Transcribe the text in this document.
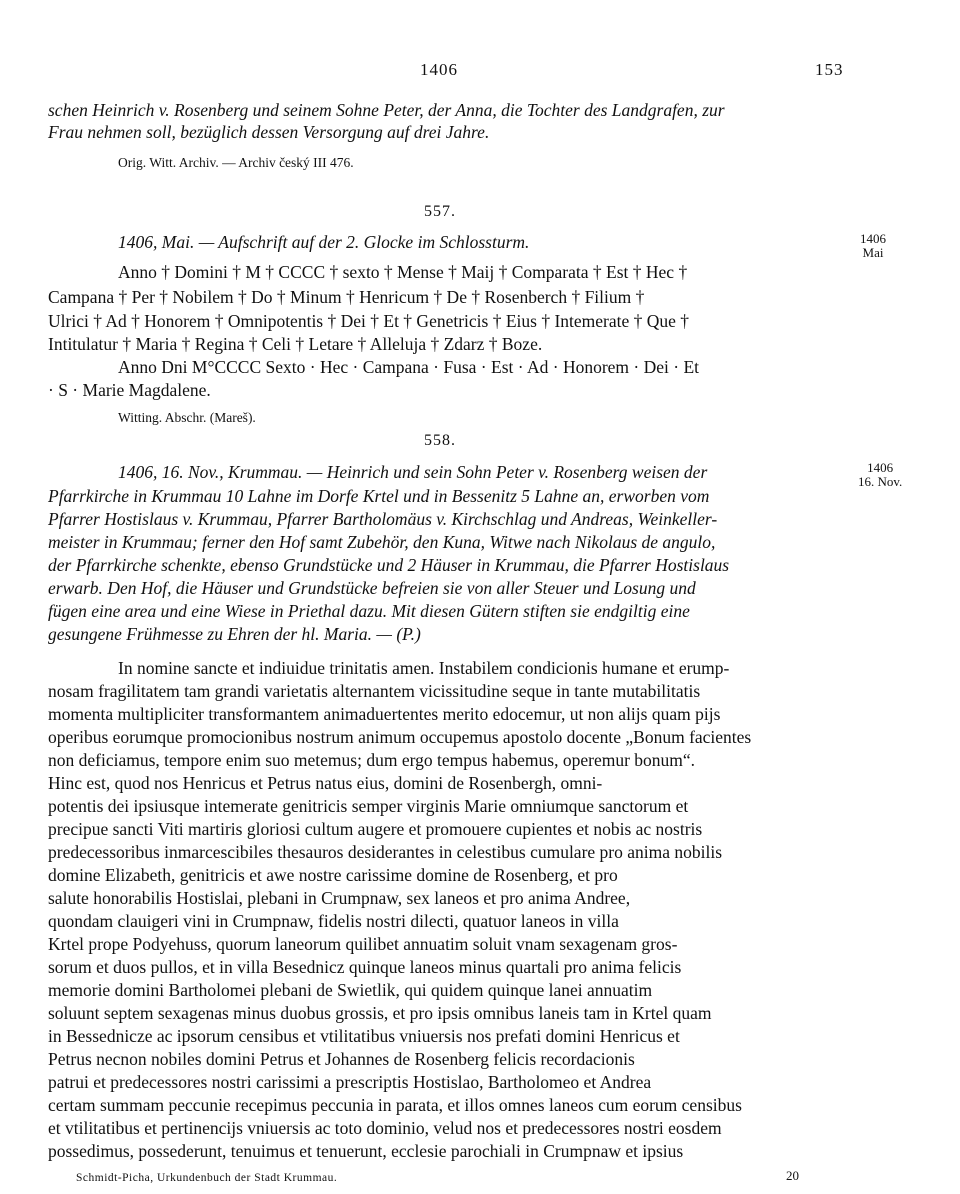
1406	153
schen Heinrich v. Rosenberg und seinem Sohne Peter, der Anna, die Tochter des Landgrafen, zur
Frau nehmen soll, bezüglich dessen Versorgung auf drei Jahre.
Orig. Witt. Archiv. — Archiv český III 476.
557.
1406, Mai. — Aufschrift auf der 2. Glocke im Schlossturm.	1406
Mai
Anno † Domini † M † CCCC † sexto † Mense † Maij † Comparata † Est † Hec †
Campana † Per † Nobilem † Do † Minum † Henricum † De † Rosenberch † Filium †
Ulrici † Ad † Honorem † Omnipotentis † Dei † Et † Genetricis † Eius † Intemerate † Que †
Intitulatur † Maria † Regina † Celi † Letare † Alleluja † Zdarz † Boze.
Anno Dni M°CCCC Sexto · Hec · Campana · Fusa · Est · Ad · Honorem · Dei · Et
· S · Marie Magdalene.
Witting. Abschr. (Mareš).
558.
1406
16. Nov.
1406, 16. Nov., Krummau. — Heinrich und sein Sohn Peter v. Rosenberg weisen der
Pfarrkirche in Krummau 10 Lahne im Dorfe Krtel und in Bessenitz 5 Lahne an, erworben vom
Pfarrer Hostislaus v. Krummau, Pfarrer Bartholomäus v. Kirchschlag und Andreas, Weinkeller-
meister in Krummau; ferner den Hof samt Zubehör, den Kuna, Witwe nach Nikolaus de angulo,
der Pfarrkirche schenkte, ebenso Grundstücke und 2 Häuser in Krummau, die Pfarrer Hostislaus
erwarb. Den Hof, die Häuser und Grundstücke befreien sie von aller Steuer und Losung und
fügen eine area und eine Wiese in Priethal dazu. Mit diesen Gütern stiften sie endgiltig eine
gesungene Frühmesse zu Ehren der hl. Maria. — (P.)
In nomine sancte et indiuidue trinitatis amen. Instabilem condicionis humane et erump-
nosam fragilitatem tam grandi varietatis alternantem vicissitudine seque in tante mutabilitatis
momenta multipliciter transformantem animaduertentes merito edocemur, ut non alijs quam pijs
operibus eorumque promocionibus nostrum animum occupemus apostolo docente „Bonum facientes
non deficiamus, tempore enim suo metemus; dum ergo tempus habemus, operemur bonum“.
Hinc est, quod nos Henricus et Petrus natus eius, domini de Rosenbergh, omni-
potentis dei ipsiusque intemerate genitricis semper virginis Marie omniumque sanctorum et
precipue sancti Viti martiris gloriosi cultum augere et promouere cupientes et nobis ac nostris
predecessoribus inmarcescibiles thesauros desiderantes in celestibus cumulare pro anima nobilis
domine Elizabeth, genitricis et awe nostre carissime domine de Rosenberg, et pro
salute honorabilis Hostislai, plebani in Crumpnaw, sex laneos et pro anima Andree,
quondam clauigeri vini in Crumpnaw, fidelis nostri dilecti, quatuor laneos in villa
Krtel prope Podyehuss, quorum laneorum quilibet annuatim soluit vnam sexagenam gros-
sorum et duos pullos, et in villa Besednicz quinque laneos minus quartali pro anima felicis
memorie domini Bartholomei plebani de Swietlik, qui quidem quinque lanei annuatim
soluunt septem sexagenas minus duobus grossis, et pro ipsis omnibus laneis tam in Krtel quam
in Bessednicze ac ipsorum censibus et vtilitatibus vniuersis nos prefati domini Henricus et
Petrus necnon nobiles domini Petrus et Johannes de Rosenberg felicis recordacionis
patrui et predecessores nostri carissimi a prescriptis Hostislao, Bartholomeo et Andrea
certam summam peccunie recepimus peccunia in parata, et illos omnes laneos cum eorum censibus
et vtilitatibus et pertinencijs vniuersis ac toto dominio, velud nos et predecessores nostri eosdem
possedimus, possederunt, tenuimus et tenuerunt, ecclesie parochiali in Crumpnaw et ipsius
Schmidt-Picha, Urkundenbuch der Stadt Krummau.	20
